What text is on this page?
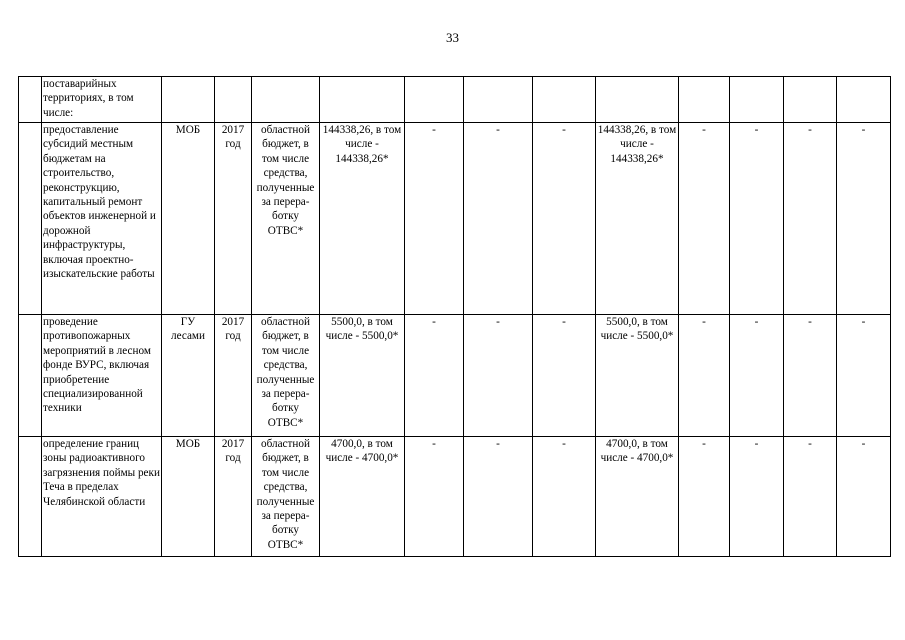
33
	поставарийных территориях, в том числе:												
	предоставление субсидий местным бюджетам на строительство, реконструкцию, капитальный ремонт объектов инженерной и дорожной инфраструктуры, включая проектно-изыскательские работы	МОБ	2017 год	областной бюджет, в том числе средства, полученные за перера-ботку ОТВС*	144338,26, в том числе - 144338,26*	-	-	-	144338,26, в том числе - 144338,26*	-	-	-	-
	проведение противопожарных мероприятий в лесном фонде ВУРС, включая приобретение специализированной техники	ГУ лесами	2017 год	областной бюджет, в том числе средства, полученные за перера-ботку ОТВС*	5500,0, в том числе - 5500,0*	-	-	-	5500,0, в том числе - 5500,0*	-	-	-	-
	определение границ зоны радиоактивного загрязнения поймы реки Теча в пределах Челябинской области	МОБ	2017 год	областной бюджет, в том числе средства, полученные за перера-ботку ОТВС*	4700,0, в том числе - 4700,0*	-	-	-	4700,0, в том числе - 4700,0*	-	-	-	-
